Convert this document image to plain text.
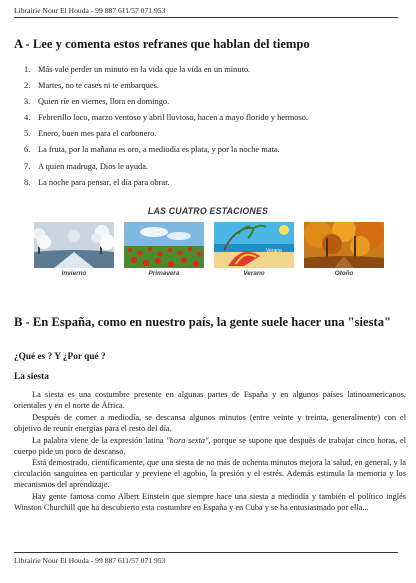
Librairie Nour El Houda - 99 887 611/57 071 953
A - Lee y comenta estos refranes que hablan del tiempo
1. Más vale perder un minuto en la vida que la vida en un minuto.
2. Martes, no te cases ni te embarques.
3. Quien ríe en viernes, llora en domingo.
4. Febrerillo loco, marzo ventoso y abril lluvioso, hacen a mayo florido y hermoso.
5. Enero, buen mes para el carbonero.
6. La fruta, por la mañana es oro, a mediodía es plata, y por la noche mata.
7. A quien madruga, Dios le ayuda.
8. La noche para pensar, el día para obrar.
LAS CUATRO ESTACIONES
Invierno	Primavera
Verano
Verano	Otoño
B - En España, como en nuestro país, la gente suele hacer una "siesta"
¿Qué es ? Y ¿Por qué ?
La siesta

La siesta es una costumbre presente en algunas partes de España y en algunos países latinoamericanos, orientales y en el norte de África.

Después de comer a mediodía, se descansa algunos minutos (entre veinte y treinta, generalmente) con el objetivo de reunir energías para el resto del día.

La palabra viene de la expresión latina "hora sexta", porque se supone que después de trabajar cinco horas, el cuerpo pide un poco de descanso.

Está demostrado, científicamente, que una siesta de no más de ochenta minutos mejora la salud, en general, y la circulación sanguínea en particular y previene el agobio, la presión y el estrés. Además estimula la memoria y los mecanismos del aprendizaje.

Hay gente famosa como Albert Einstein que siempre hace una siesta a mediodía y también el político inglés Winston Churchill que ha descubierto esta costumbre en España y en Cuba y se ha entusiasmado por ella...

Librairie Nour El Houda - 99 887 611/57 071 953
